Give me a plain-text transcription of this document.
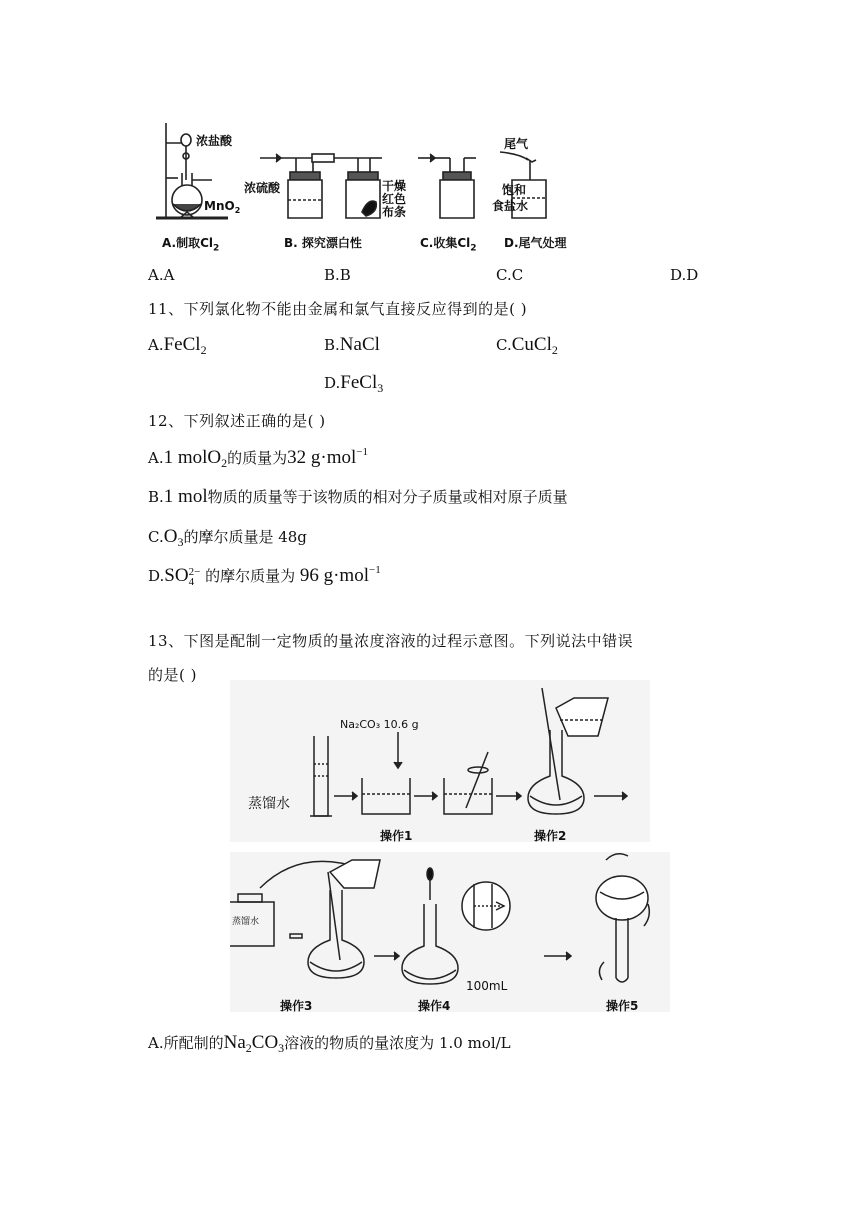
浓盐酸
MnO$_2$
浓硫酸	干燥
红色
布条
尾气
饱和
食盐水
A.制取$Cl_2$	B. 探究漂白性	C.收集$Cl_2$ D.尾气处理
A.A	B.B	C.C	D.D
11、下列氯化物不能由金属和氯气直接反应得到的是( )
A.FeCl$_2$	B.NaCl	C.CuCl$_2$
D.FeCl$_3$
12、下列叙述正确的是( )
A.1 molO$_2$的质量为32 g·mol$^{-1}$
B.1 mol物质的质量等于该物质的相对分子质量或相对原子质量
$C.O_3$的摩尔质量是 48g
D.SO 2−
4 的摩尔质量为 96 g·mol$^{-1}$
13、下图是配制一定物质的量浓度溶液的过程示意图。下列说法中错误
的是( )
Na₂CO₃ 10.6 g
蒸馏水
蒸馏水
100mL
操作1	操作2
操作3	操作4	操作5
A.所配制的$Na_2CO_3$溶液的物质的量浓度为 1.0 mol/L
